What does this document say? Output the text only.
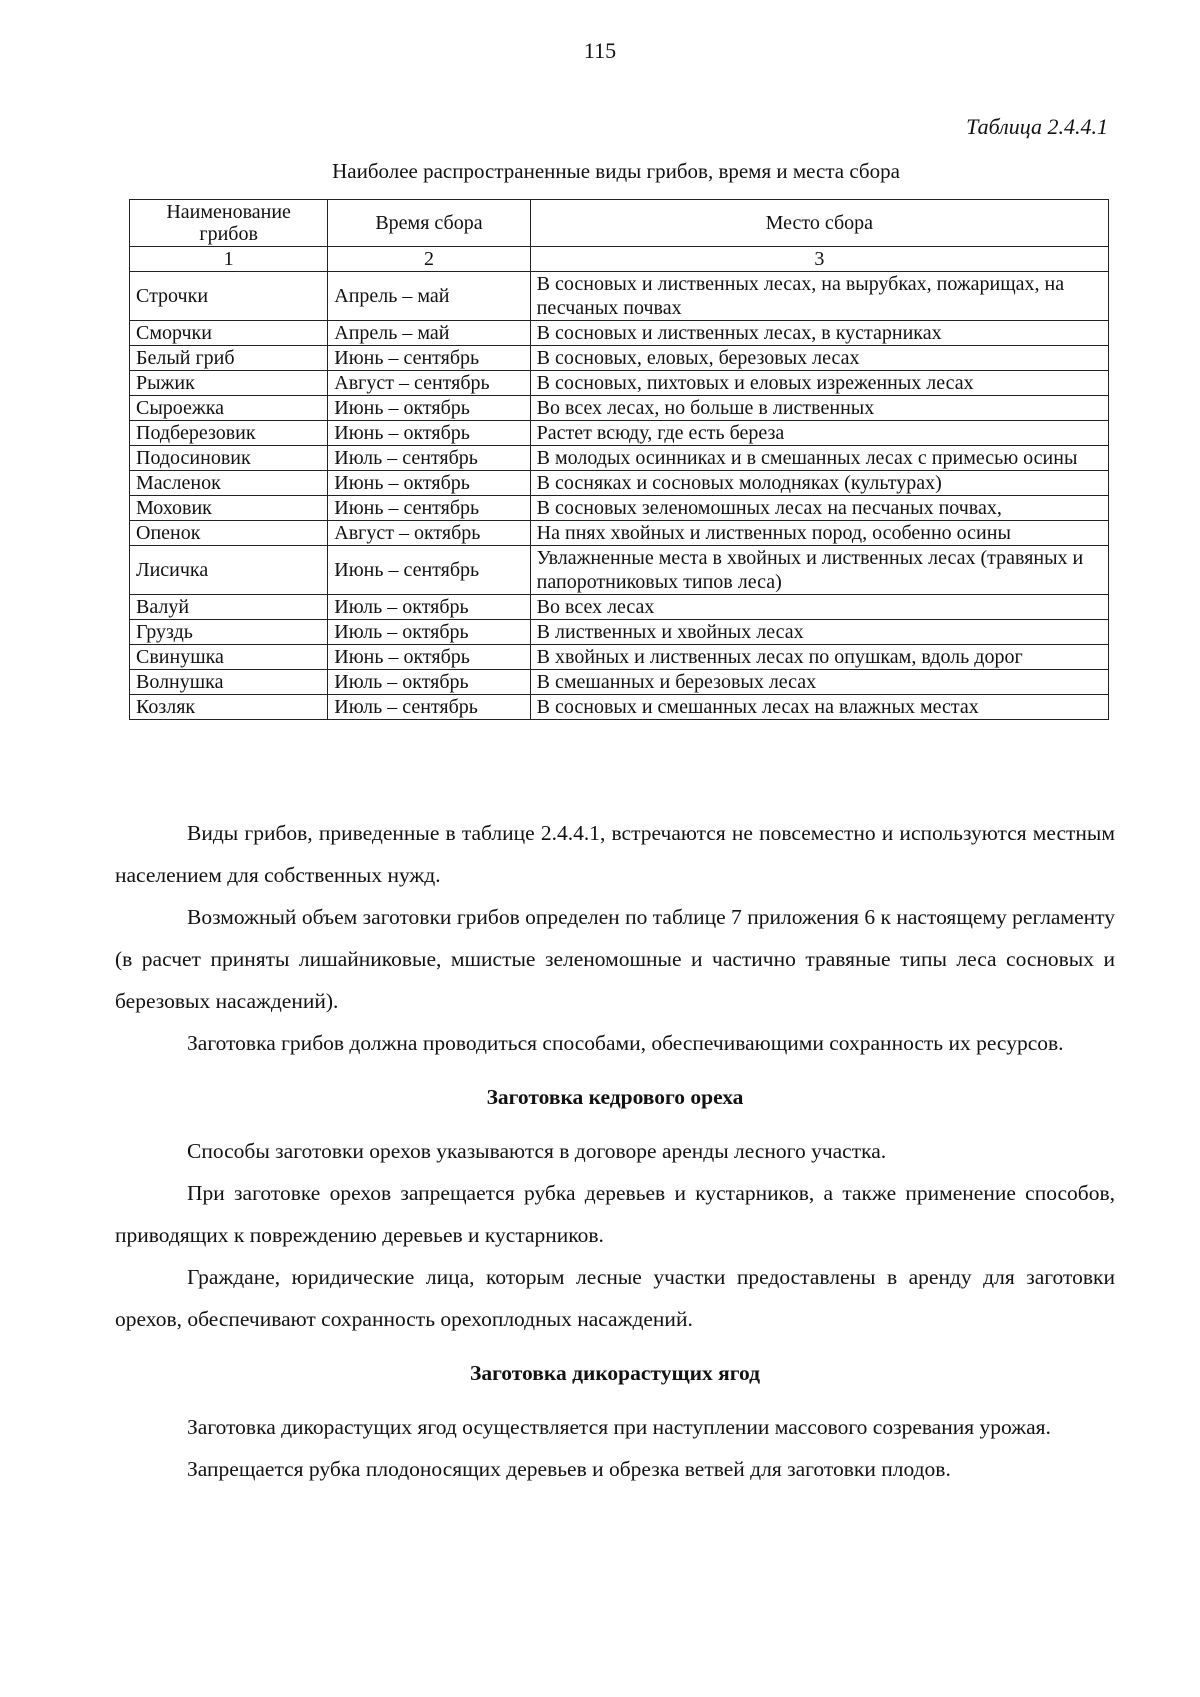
115
Таблица 2.4.4.1
Наиболее распространенные виды грибов, время и места сбора
Наименование грибов	Время сбора	Место сбора
1	2	3
Строчки	Апрель – май	В сосновых и лиственных лесах, на вырубках, пожарищах, на песчаных почвах
Сморчки	Апрель – май	В сосновых и лиственных лесах, в кустарниках
Белый гриб	Июнь – сентябрь	В сосновых, еловых, березовых лесах
Рыжик	Август – сентябрь	В сосновых, пихтовых и еловых изреженных лесах
Сыроежка	Июнь – октябрь	Во всех лесах, но больше в лиственных
Подберезовик	Июнь – октябрь	Растет всюду, где есть береза
Подосиновик	Июль – сентябрь	В молодых осинниках и в смешанных лесах с примесью осины
Масленок	Июнь – октябрь	В сосняках и сосновых молодняках (культурах)
Моховик	Июнь – сентябрь	В сосновых зеленомошных лесах на песчаных почвах,
Опенок	Август – октябрь	На пнях хвойных и лиственных пород, особенно осины
Лисичка	Июнь – сентябрь	Увлажненные места в хвойных и лиственных лесах (травяных и папоротниковых типов леса)
Валуй	Июль – октябрь	Во всех лесах
Груздь	Июль – октябрь	В лиственных и хвойных лесах
Свинушка	Июнь – октябрь	В хвойных и лиственных лесах по опушкам, вдоль дорог
Волнушка	Июль – октябрь	В смешанных и березовых лесах
Козляк	Июль – сентябрь	В сосновых и смешанных лесах на влажных местах

Виды грибов, приведенные в таблице 2.4.4.1, встречаются не повсеместно и используются местным населением для собственных нужд.

Возможный объем заготовки грибов определен по таблице 7 приложения 6 к настоящему регламенту (в расчет приняты лишайниковые, мшистые зеленомошные и частично травяные типы леса сосновых и березовых насаждений).

Заготовка грибов должна проводиться способами, обеспечивающими сохранность их ресурсов.

Заготовка кедрового ореха

Способы заготовки орехов указываются в договоре аренды лесного участка.

При заготовке орехов запрещается рубка деревьев и кустарников, а также применение способов, приводящих к повреждению деревьев и кустарников.

Граждане, юридические лица, которым лесные участки предоставлены в аренду для заготовки орехов, обеспечивают сохранность орехоплодных насаждений.

Заготовка дикорастущих ягод

Заготовка дикорастущих ягод осуществляется при наступлении массового созревания урожая.

Запрещается рубка плодоносящих деревьев и обрезка ветвей для заготовки плодов.
